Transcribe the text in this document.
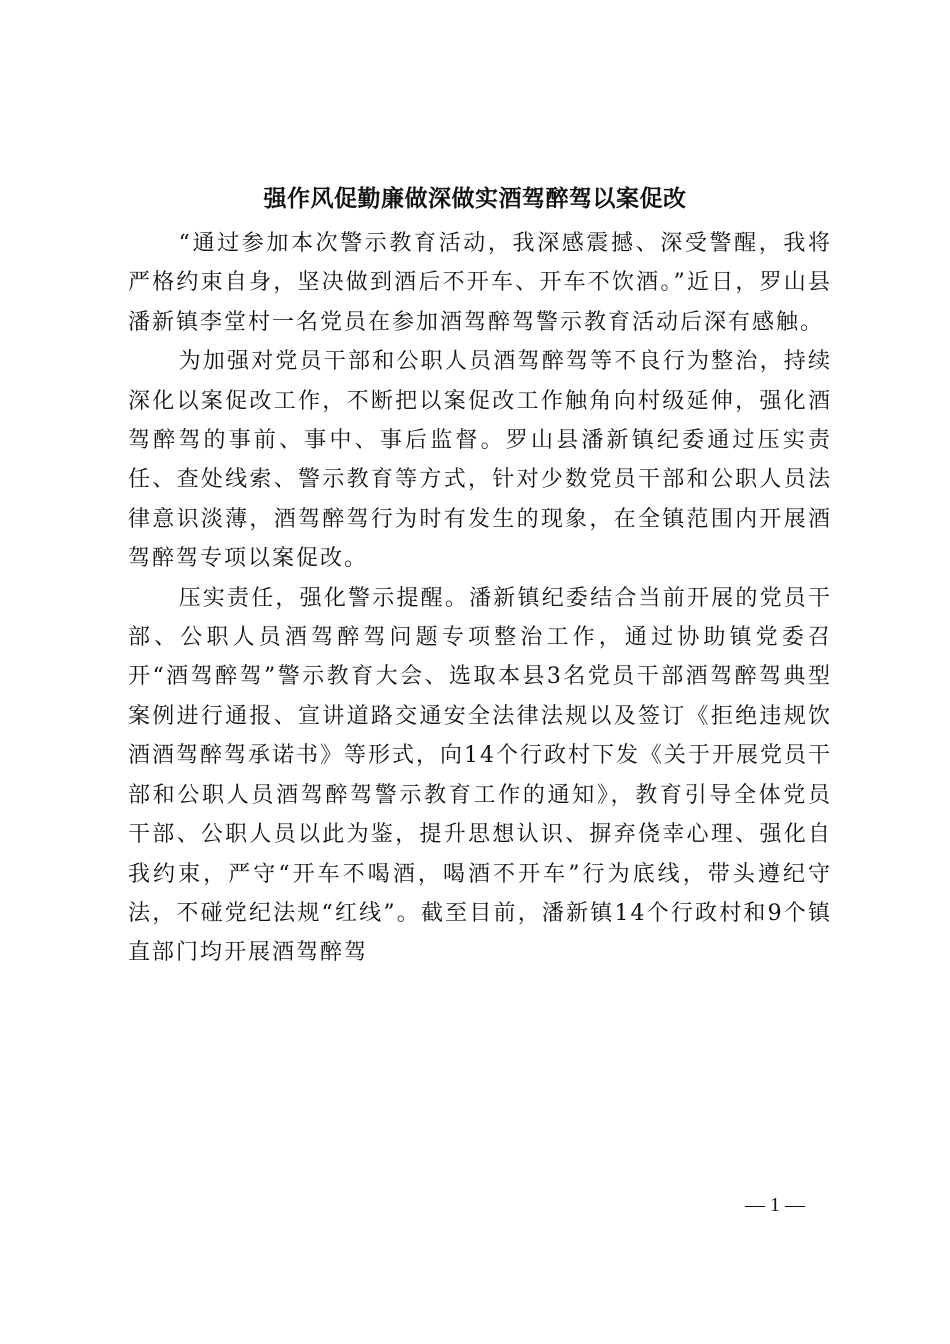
强作风促勤廉做深做实酒驾醉驾以案促改

“通过参加本次警示教育活动，我深感震撼、深受警醒，我将严格约束自身，坚决做到酒后不开车、开车不饮酒。”近日，罗山县潘新镇李堂村一名党员在参加酒驾醉驾警示教育活动后深有感触。

为加强对党员干部和公职人员酒驾醉驾等不良行为整治，持续深化以案促改工作，不断把以案促改工作触角向村级延伸，强化酒驾醉驾的事前、事中、事后监督。罗山县潘新镇纪委通过压实责任、查处线索、警示教育等方式，针对少数党员干部和公职人员法律意识淡薄，酒驾醉驾行为时有发生的现象，在全镇范围内开展酒驾醉驾专项以案促改。

压实责任，强化警示提醒。潘新镇纪委结合当前开展的党员干部、公职人员酒驾醉驾问题专项整治工作，通过协助镇党委召开“酒驾醉驾”警示教育大会、选取本县3名党员干部酒驾醉驾典型案例进行通报、宣讲道路交通安全法律法规以及签订《拒绝违规饮酒酒驾醉驾承诺书》等形式，向14个行政村下发《关于开展党员干部和公职人员酒驾醉驾警示教育工作的通知》，教育引导全体党员干部、公职人员以此为鉴，提升思想认识、摒弃侥幸心理、强化自我约束，严守“开车不喝酒，喝酒不开车”行为底线，带头遵纪守法，不碰党纪法规“红线”。截至目前，潘新镇14个行政村和9个镇直部门均开展酒驾醉驾

— 1 —
